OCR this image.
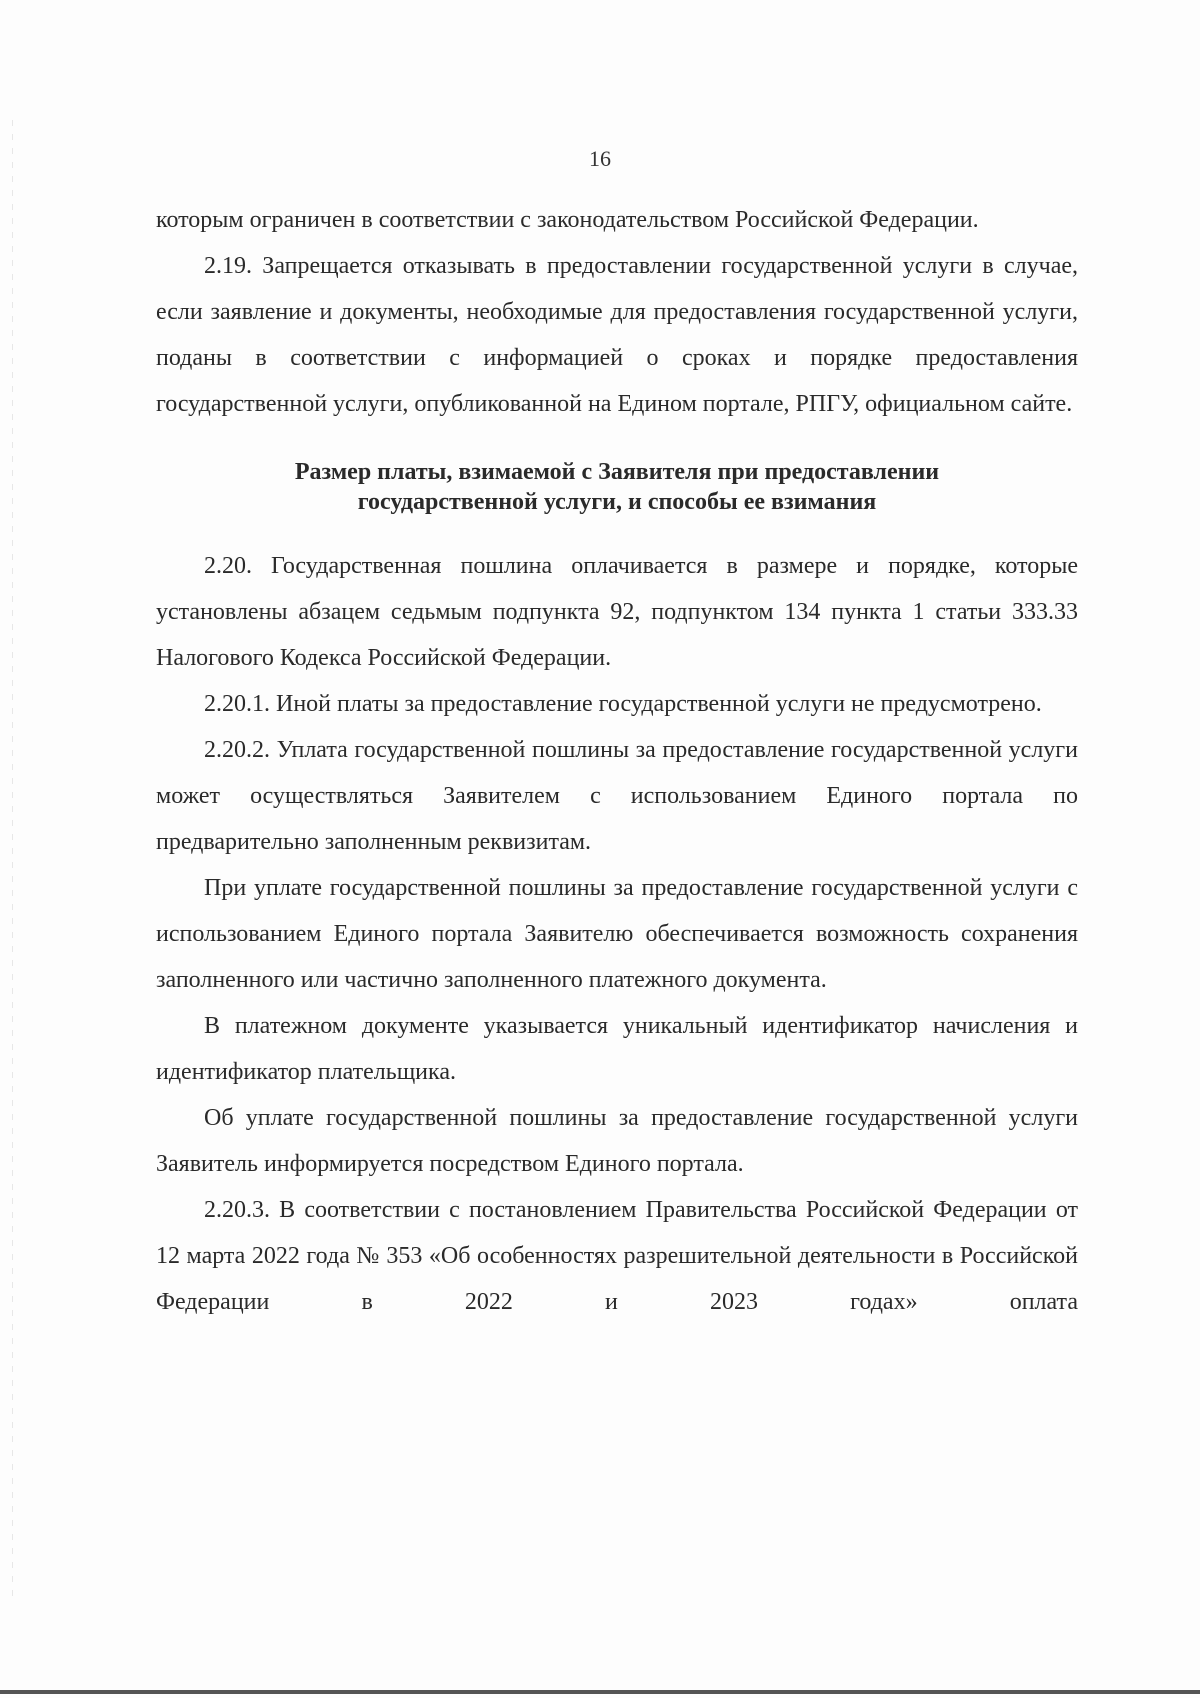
16

которым ограничен в соответствии с законодательством Российской Федерации.

2.19. Запрещается отказывать в предоставлении государственной услуги в случае, если заявление и документы, необходимые для предоставления государственной услуги, поданы в соответствии с информацией о сроках и порядке предоставления государственной услуги, опубликованной на Едином портале, РПГУ, официальном сайте.

Размер платы, взимаемой с Заявителя при предоставлении
государственной услуги, и способы ее взимания

2.20. Государственная пошлина оплачивается в размере и порядке, которые установлены абзацем седьмым подпункта 92, подпунктом 134 пункта 1 статьи 333.33 Налогового Кодекса Российской Федерации.

2.20.1. Иной платы за предоставление государственной услуги не предусмотрено.

2.20.2. Уплата государственной пошлины за предоставление государственной услуги может осуществляться Заявителем с использованием Единого портала по предварительно заполненным реквизитам.

При уплате государственной пошлины за предоставление государственной услуги с использованием Единого портала Заявителю обеспечивается возможность сохранения заполненного или частично заполненного платежного документа.

В платежном документе указывается уникальный идентификатор начисления и идентификатор плательщика.

Об уплате государственной пошлины за предоставление государственной услуги Заявитель информируется посредством Единого портала.

2.20.3. В соответствии с постановлением Правительства Российской Федерации от 12 марта 2022 года № 353 «Об особенностях разрешительной деятельности в Российской Федерации в 2022 и 2023 годах» оплата
